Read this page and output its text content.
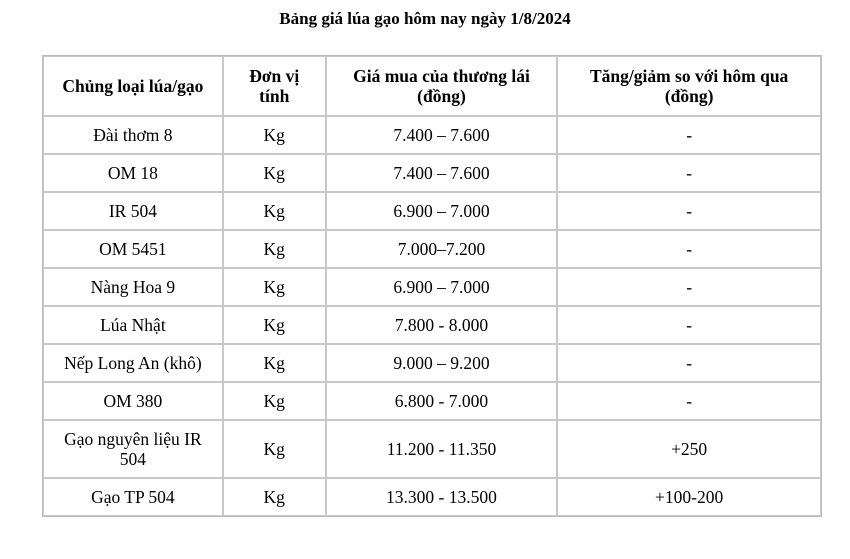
Bảng giá lúa gạo hôm nay ngày 1/8/2024
Chủng loại lúa/gạo	Đơn vị tính	Giá mua của thương lái (đồng)	Tăng/giảm so với hôm qua (đồng)
Đài thơm 8	Kg	7.400 – 7.600	-
OM 18	Kg	7.400 – 7.600	-
IR 504	Kg	6.900 – 7.000	-
OM 5451	Kg	7.000–7.200	-
Nàng Hoa 9	Kg	6.900 – 7.000	-
Lúa Nhật	Kg	7.800 - 8.000	-
Nếp Long An (khô)	Kg	9.000 – 9.200	-
OM 380	Kg	6.800 - 7.000	-
Gạo nguyên liệu IR 504	Kg	11.200 - 11.350	+250
Gạo TP 504	Kg	13.300 - 13.500	+100-200
